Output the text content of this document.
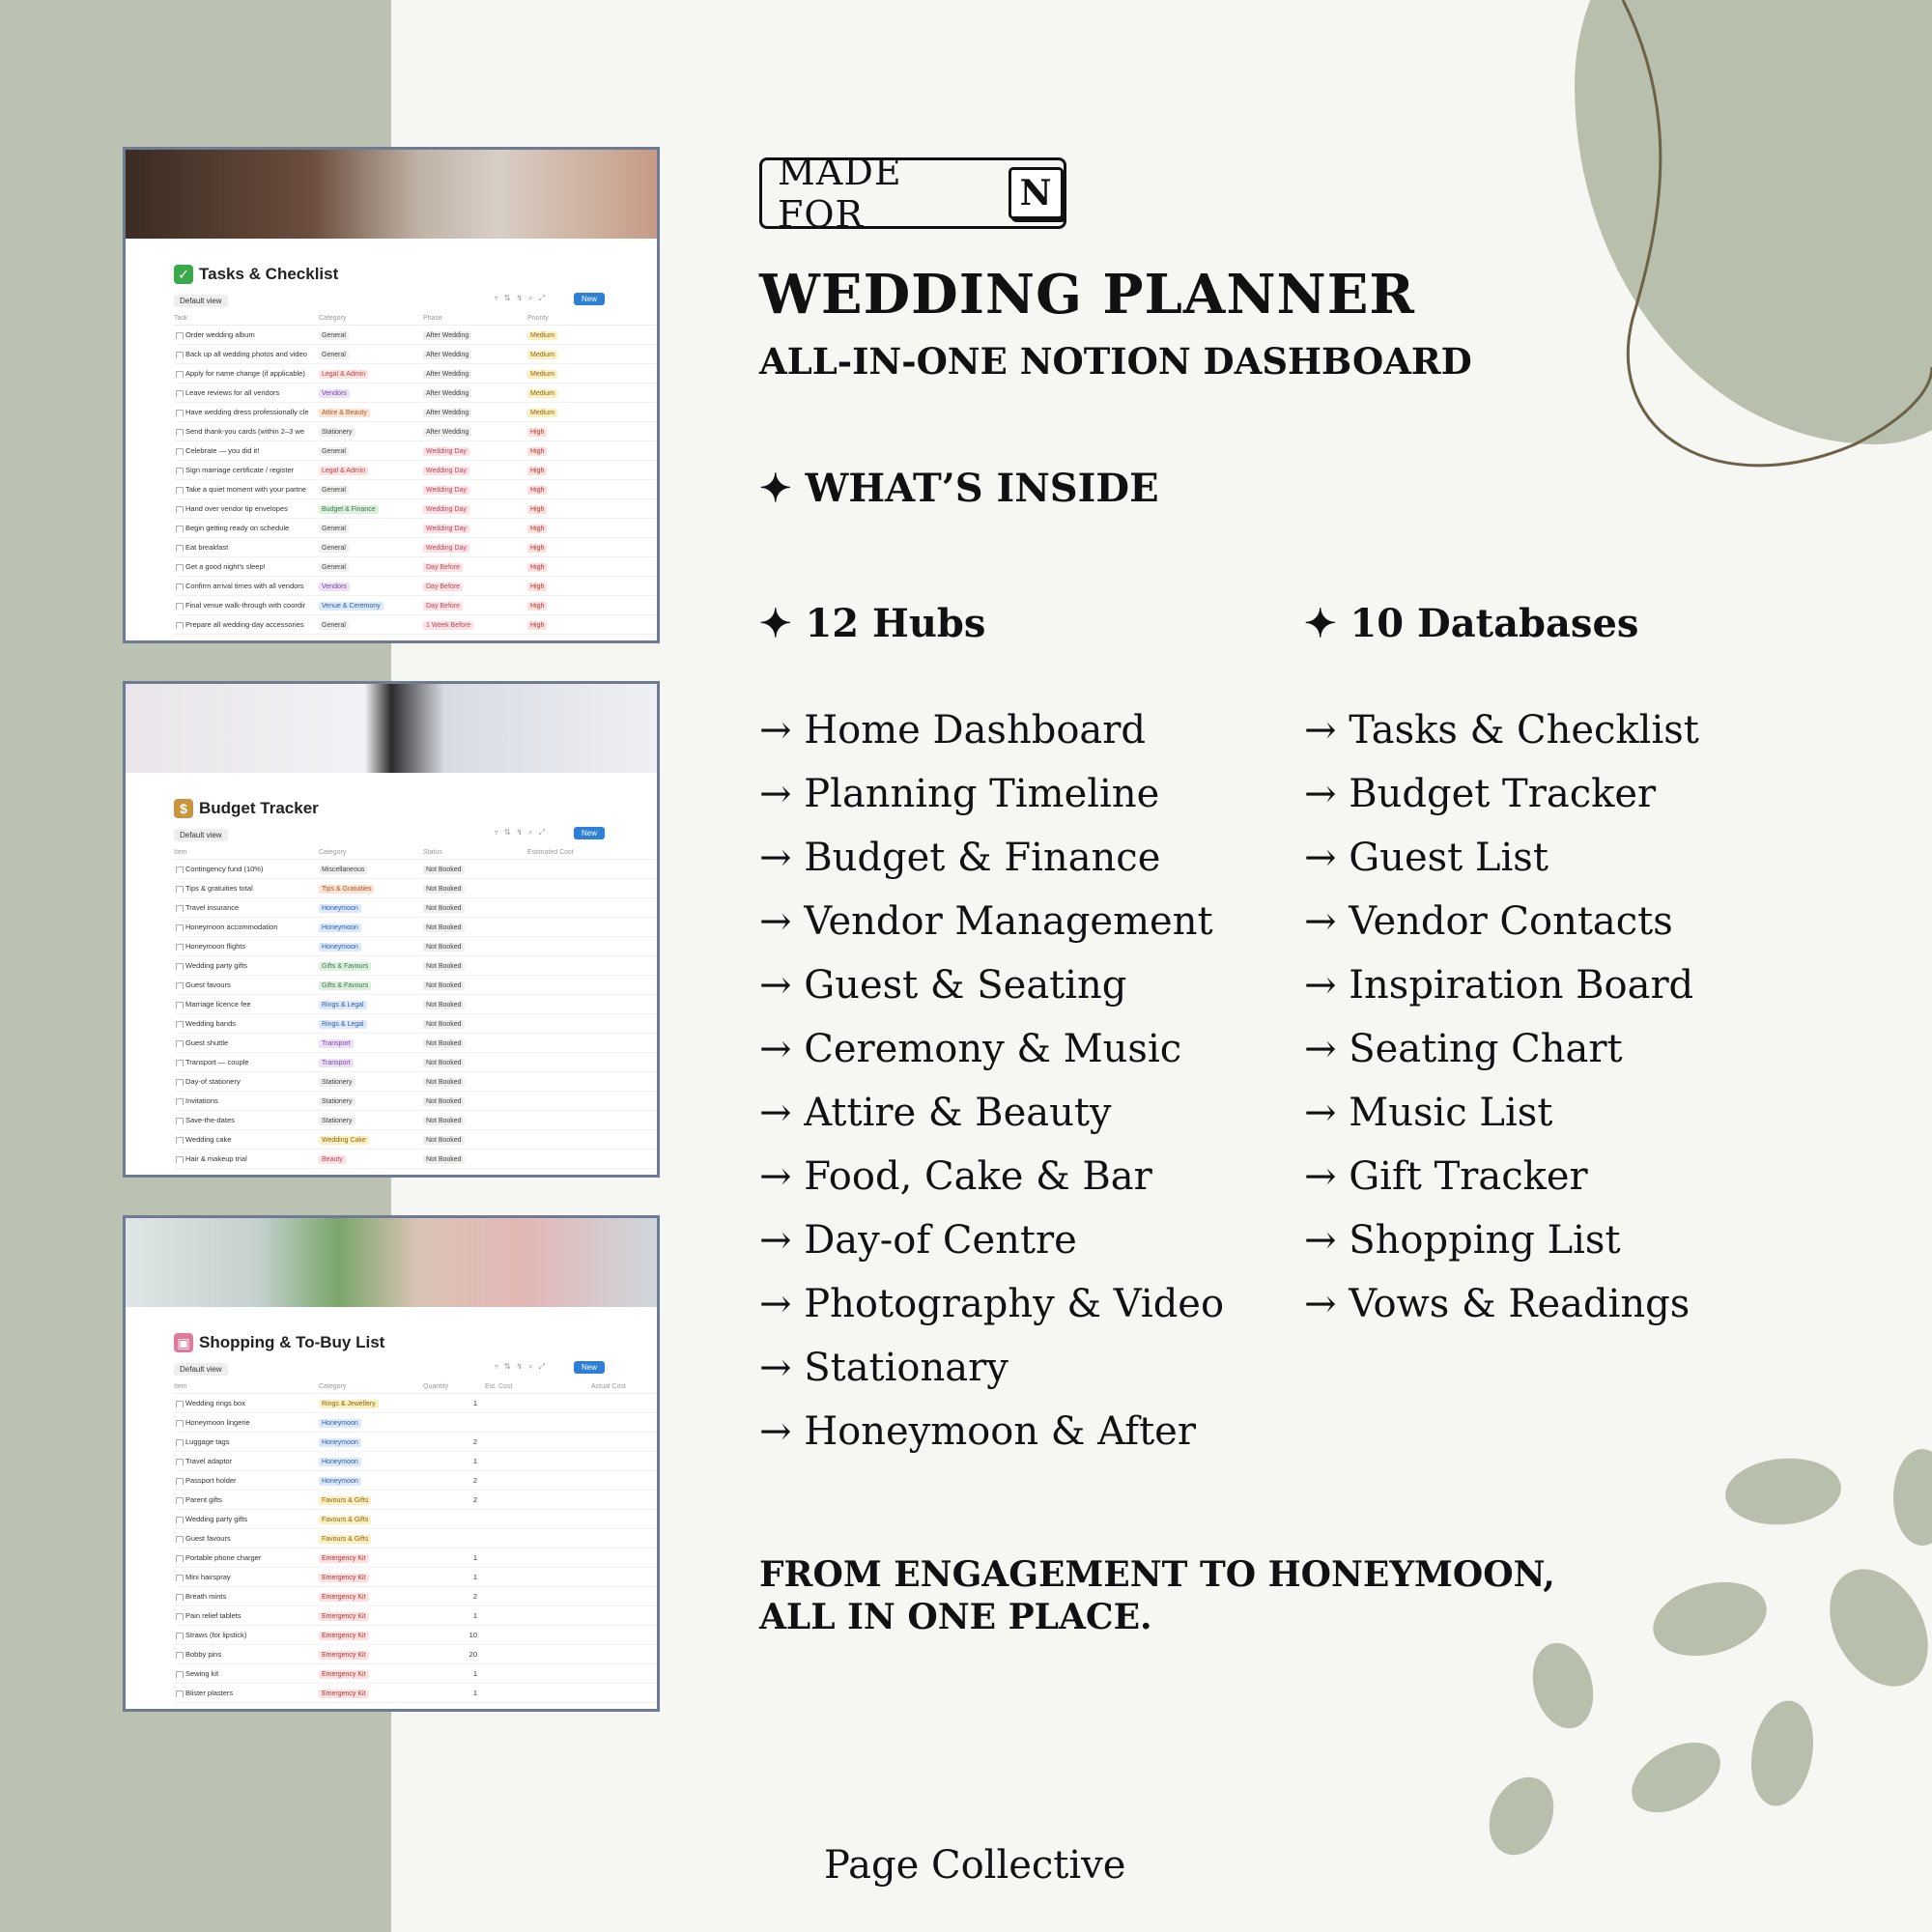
✓ Tasks & Checklist
Default view	▿⇅↯⌕⤢	New
Task	Category	Phase	Priority
Order wedding album	General	After Wedding	Medium
Back up all wedding photos and video	General	After Wedding	Medium
Apply for name change (if applicable)	Legal & Admin	After Wedding	Medium
Leave reviews for all vendors	Vendors	After Wedding	Medium
Have wedding dress professionally cle	Attire & Beauty	After Wedding	Medium
Send thank-you cards (within 2–3 we	Stationery	After Wedding	High
Celebrate — you did it!	General	Wedding Day	High
Sign marriage certificate / register	Legal & Admin	Wedding Day	High
Take a quiet moment with your partne	General	Wedding Day	High
Hand over vendor tip envelopes	Budget & Finance	Wedding Day	High
Begin getting ready on schedule	General	Wedding Day	High
Eat breakfast	General	Wedding Day	High
Get a good night's sleep!	General	Day Before	High
Confirm arrival times with all vendors	Vendors	Day Before	High
Final venue walk-through with coordir	Venue & Ceremony	Day Before	High
Prepare all wedding-day accessories	General	1 Week Before	High
$ Budget Tracker
Default view	▿⇅↯⌕⤢	New
Item	Category	Status	Estimated Cost
Contingency fund (10%)	Miscellaneous	Not Booked
Tips & gratuities total	Tips & Gratuities	Not Booked
Travel insurance	Honeymoon	Not Booked
Honeymoon accommodation	Honeymoon	Not Booked
Honeymoon flights	Honeymoon	Not Booked
Wedding party gifts	Gifts & Favours	Not Booked
Guest favours	Gifts & Favours	Not Booked
Marriage licence fee	Rings & Legal	Not Booked
Wedding bands	Rings & Legal	Not Booked
Guest shuttle	Transport	Not Booked
Transport — couple	Transport	Not Booked
Day-of stationery	Stationery	Not Booked
Invitations	Stationery	Not Booked
Save-the-dates	Stationery	Not Booked
Wedding cake	Wedding Cake	Not Booked
Hair & makeup trial	Beauty	Not Booked
▣ Shopping & To-Buy List
Default view	▿⇅↯⌕⤢	New
Item	Category	Quantity	Est. Cost	Actual Cost
Wedding rings box	Rings & Jewellery	1
Honeymoon lingerie	Honeymoon
Luggage tags	Honeymoon	2
Travel adaptor	Honeymoon	1
Passport holder	Honeymoon	2
Parent gifts	Favours & Gifts	2
Wedding party gifts	Favours & Gifts
Guest favours	Favours & Gifts
Portable phone charger	Emergency Kit	1
Mini hairspray	Emergency Kit	1
Breath mints	Emergency Kit	2
Pain relief tablets	Emergency Kit	1
Straws (for lipstick)	Emergency Kit	10
Bobby pins	Emergency Kit	20
Sewing kit	Emergency Kit	1
Blister plasters	Emergency Kit	1
MADE FOR	N
WEDDING PLANNER
ALL-IN-ONE NOTION DASHBOARD
✦ WHAT’S INSIDE
✦ 12 Hubs	✦ 10 Databases
→ Home Dashboard
→ Planning Timeline
→ Budget & Finance
→ Vendor Management
→ Guest & Seating
→ Ceremony & Music
→ Attire & Beauty
→ Food, Cake & Bar
→ Day-of Centre
→ Photography & Video
→ Stationary
→ Honeymoon & After
→ Tasks & Checklist
→ Budget Tracker
→ Guest List
→ Vendor Contacts
→ Inspiration Board
→ Seating Chart
→ Music List
→ Gift Tracker
→ Shopping List
→ Vows & Readings
FROM ENGAGEMENT TO HONEYMOON,
ALL IN ONE PLACE.
Page Collective
